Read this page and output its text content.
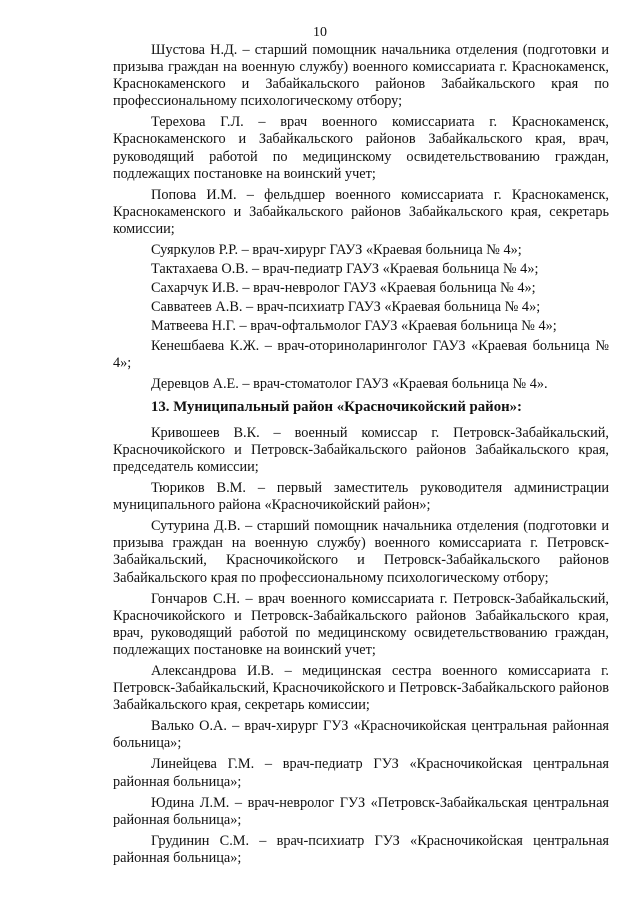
10

Шустова Н.Д. – старший помощник начальника отделения (подготовки и призыва граждан на военную службу) военного комиссариата г. Краснокаменск, Краснокаменского и Забайкальского районов Забайкальского края по профессиональному психологическому отбору;

Терехова Г.Л. – врач военного комиссариата г. Краснокаменск, Краснокаменского и Забайкальского районов Забайкальского края, врач, руководящий работой по медицинскому освидетельствованию граждан, подлежащих постановке на воинский учет;

Попова И.М. – фельдшер военного комиссариата г. Краснокаменск, Краснокаменского и Забайкальского районов Забайкальского края, секретарь комиссии;

Суяркулов Р.Р. – врач-хирург ГАУЗ «Краевая больница № 4»;

Тактахаева О.В. – врач-педиатр ГАУЗ «Краевая больница № 4»;

Сахарчук И.В. – врач-невролог ГАУЗ «Краевая больница № 4»;

Савватеев А.В. – врач-психиатр ГАУЗ «Краевая больница № 4»;

Матвеева Н.Г. – врач-офтальмолог ГАУЗ «Краевая больница № 4»;

Кенешбаева К.Ж. – врач-оториноларинголог ГАУЗ «Краевая больница № 4»;

Деревцов А.Е. – врач-стоматолог ГАУЗ «Краевая больница № 4».

13. Муниципальный район «Красночикойский район»:

Кривошеев В.К. – военный комиссар г. Петровск-Забайкальский, Красночикойского и Петровск-Забайкальского районов Забайкальского края, председатель комиссии;

Тюриков В.М. – первый заместитель руководителя администрации муниципального района «Красночикойский район»;

Сутурина Д.В. – старший помощник начальника отделения (подготовки и призыва граждан на военную службу) военного комиссариата г. Петровск-Забайкальский, Красночикойского и Петровск-Забайкальского районов Забайкальского края по профессиональному психологическому отбору;

Гончаров С.Н. – врач военного комиссариата г. Петровск-Забайкальский, Красночикойского и Петровск-Забайкальского районов Забайкальского края, врач, руководящий работой по медицинскому освидетельствованию граждан, подлежащих постановке на воинский учет;

Александрова И.В. – медицинская сестра военного комиссариата г. Петровск-Забайкальский, Красночикойского и Петровск-Забайкальского районов Забайкальского края, секретарь комиссии;

Валько О.А. – врач-хирург ГУЗ «Красночикойская центральная районная больница»;

Линейцева Г.М. – врач-педиатр ГУЗ «Красночикойская центральная районная больница»;

Юдина Л.М. – врач-невролог ГУЗ «Петровск-Забайкальская центральная районная больница»;

Грудинин С.М. – врач-психиатр ГУЗ «Красночикойская центральная районная больница»;
